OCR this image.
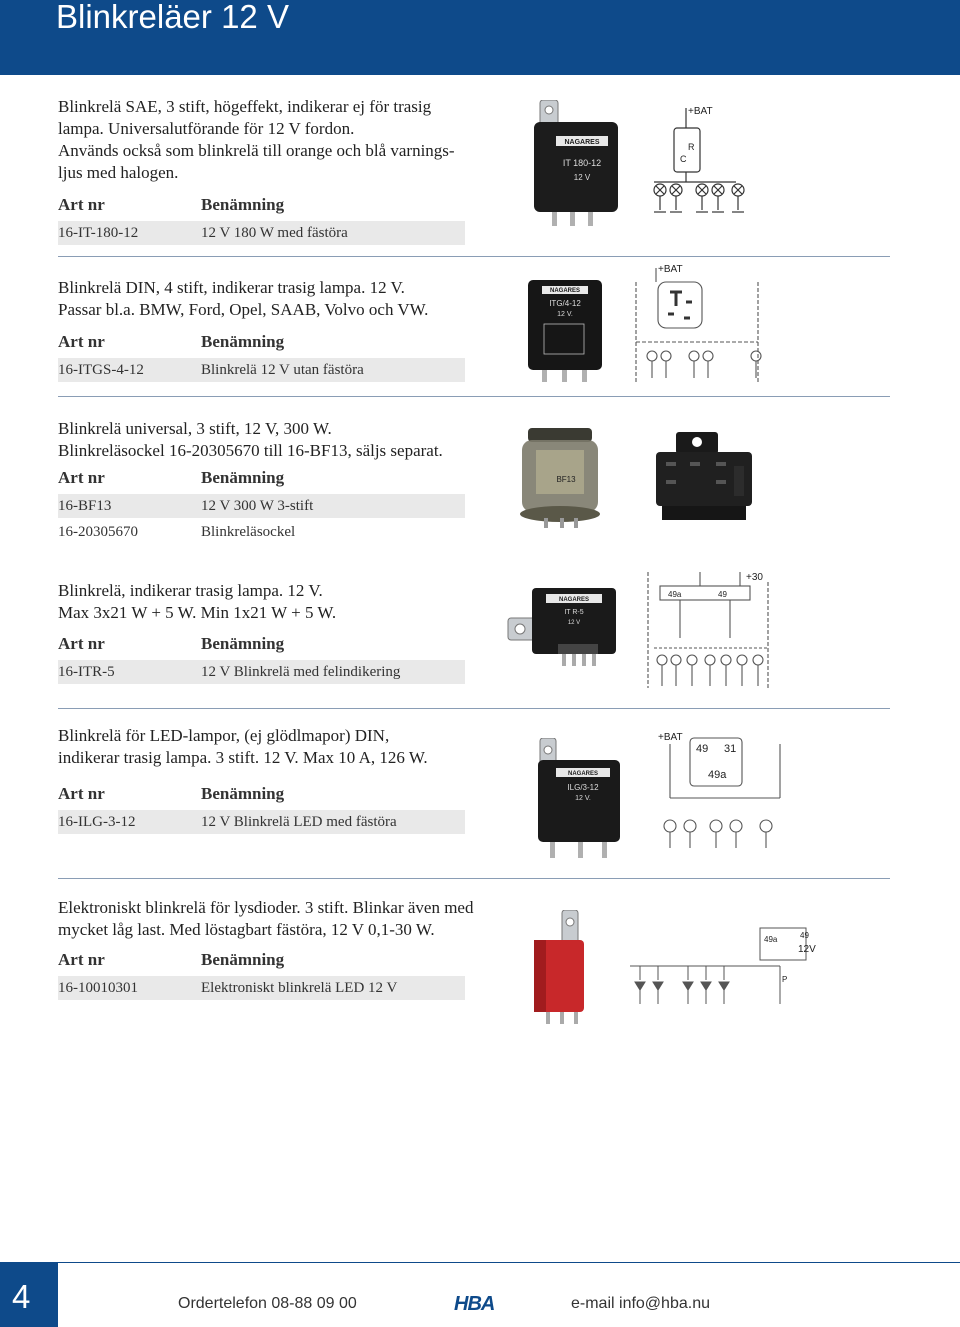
Blinkreläer 12 V
Blinkrelä SAE, 3 stift, högeffekt, indikerar ej för trasig
lampa. Universalutförande för 12 V fordon.
Används också som blinkrelä till orange och blå varnings-
ljus med halogen.
Art nr	Benämning
16-IT-180-12	12 V 180 W med fästöra
NAGARES
IT 180-12
12 V
+BAT
R
C
Blinkrelä DIN, 4 stift, indikerar trasig lampa. 12 V.
Passar bl.a. BMW, Ford, Opel, SAAB, Volvo och VW.
Art nr	Benämning
16-ITGS-4-12	Blinkrelä 12 V utan fästöra
NAGARES
ITG/4-12
12 V.
+BAT
Blinkrelä universal, 3 stift, 12 V, 300 W.
Blinkreläsockel 16-20305670 till 16-BF13, säljs separat.
Art nr	Benämning
16-BF13	12 V 300 W 3-stift
16-20305670	Blinkreläsockel
BF13
Blinkrelä, indikerar trasig lampa. 12 V.
Max 3x21 W + 5 W. Min 1x21 W + 5 W.
Art nr	Benämning
16-ITR-5	12 V Blinkrelä med felindikering
NAGARES
IT R-5
12 V
+30
49a	49
Blinkrelä för LED-lampor, (ej glödlmapor) DIN,
indikerar trasig lampa. 3 stift. 12 V. Max 10 A, 126 W.
Art nr	Benämning
16-ILG-3-12	12 V Blinkrelä LED med fästöra
NAGARES
ILG/3-12
12 V.
+BAT
49 31
49a
Elektroniskt blinkrelä för lysdioder. 3 stift. Blinkar även med
mycket låg last. Med löstagbart fästöra, 12 V 0,1-30 W.
Art nr	Benämning
16-10010301	Elektroniskt blinkrelä LED 12 V
49a	49
12V
P
4	Ordertelefon 08-88 09 00	HBA	e-mail info@hba.nu
